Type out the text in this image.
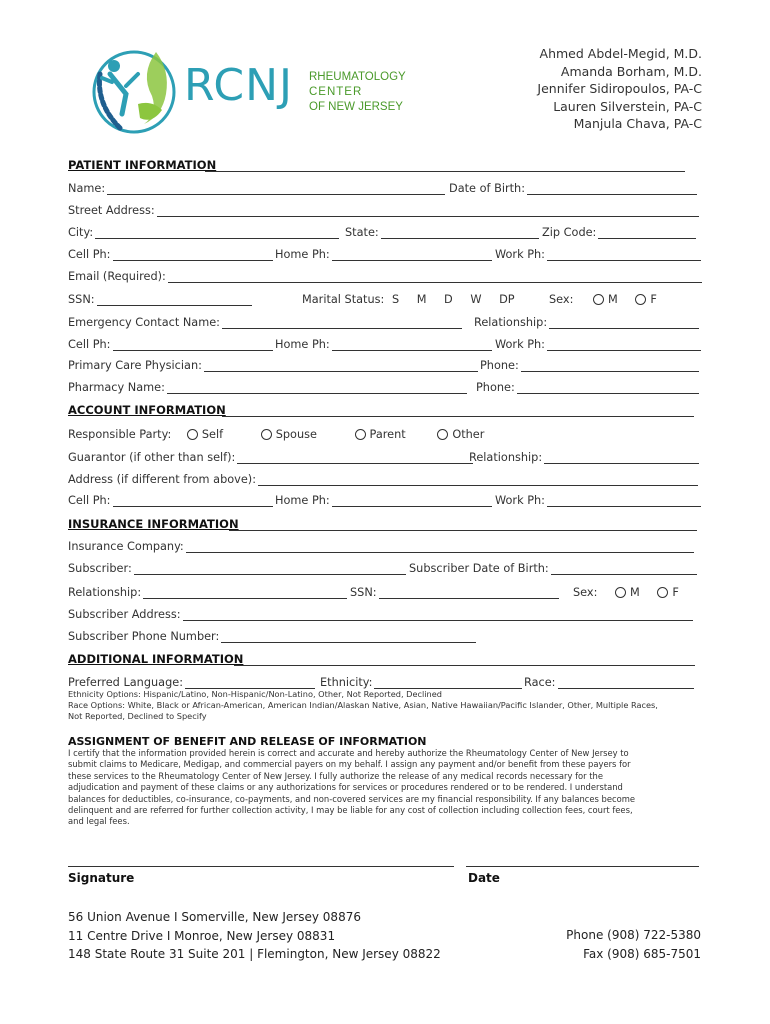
RCNJ RHEUMATOLOGY
CENTER
OF NEW JERSEY
Ahmed Abdel-Megid, M.D.
Amanda Borham, M.D.
Jennifer Sidiropoulos, PA-C
Lauren Silverstein, PA-C
Manjula Chava, PA-C
PATIENT INFORMATION
Name:	Date of Birth:
Street Address:
City:	State:	Zip Code:
Cell Ph:	Home Ph:	Work Ph:
Email (Required):
SSN:	Marital Status: S M D W DP	Sex:	M	F
Emergency Contact Name:	Relationship:
Cell Ph:	Home Ph:	Work Ph:
Primary Care Physician:	Phone:
Pharmacy Name:	Phone:
ACCOUNT INFORMATION
Responsible Party:	Self	Spouse	Parent	Other
Guarantor (if other than self):	Relationship:
Address (if different from above):
Cell Ph:	Home Ph:	Work Ph:
INSURANCE INFORMATION
Insurance Company:
Subscriber:	Subscriber Date of Birth:
Relationship:	SSN:	Sex:	M	F
Subscriber Address:
Subscriber Phone Number:
ADDITIONAL INFORMATION
Preferred Language:	Ethnicity:	Race:
Ethnicity Options: Hispanic/Latino, Non-Hispanic/Non-Latino, Other, Not Reported, Declined
Race Options: White, Black or African-American, American Indian/Alaskan Native, Asian, Native Hawaiian/Pacific Islander, Other, Multiple Races,
Not Reported, Declined to Specify
ASSIGNMENT OF BENEFIT AND RELEASE OF INFORMATION
I certify that the information provided herein is correct and accurate and hereby authorize the Rheumatology Center of New Jersey to
submit claims to Medicare, Medigap, and commercial payers on my behalf. I assign any payment and/or benefit from these payers for
these services to the Rheumatology Center of New Jersey. I fully authorize the release of any medical records necessary for the
adjudication and payment of these claims or any authorizations for services or procedures rendered or to be rendered. I understand
balances for deductibles, co-insurance, co-payments, and non-covered services are my financial responsibility. If any balances become
delinquent and are referred for further collection activity, I may be liable for any cost of collection including collection fees, court fees,
and legal fees.
Signature	Date
56 Union Avenue I Somerville, New Jersey 08876
11 Centre Drive I Monroe, New Jersey 08831
148 State Route 31 Suite 201 | Flemington, New Jersey 08822
Phone (908) 722-5380
Fax (908) 685-7501
